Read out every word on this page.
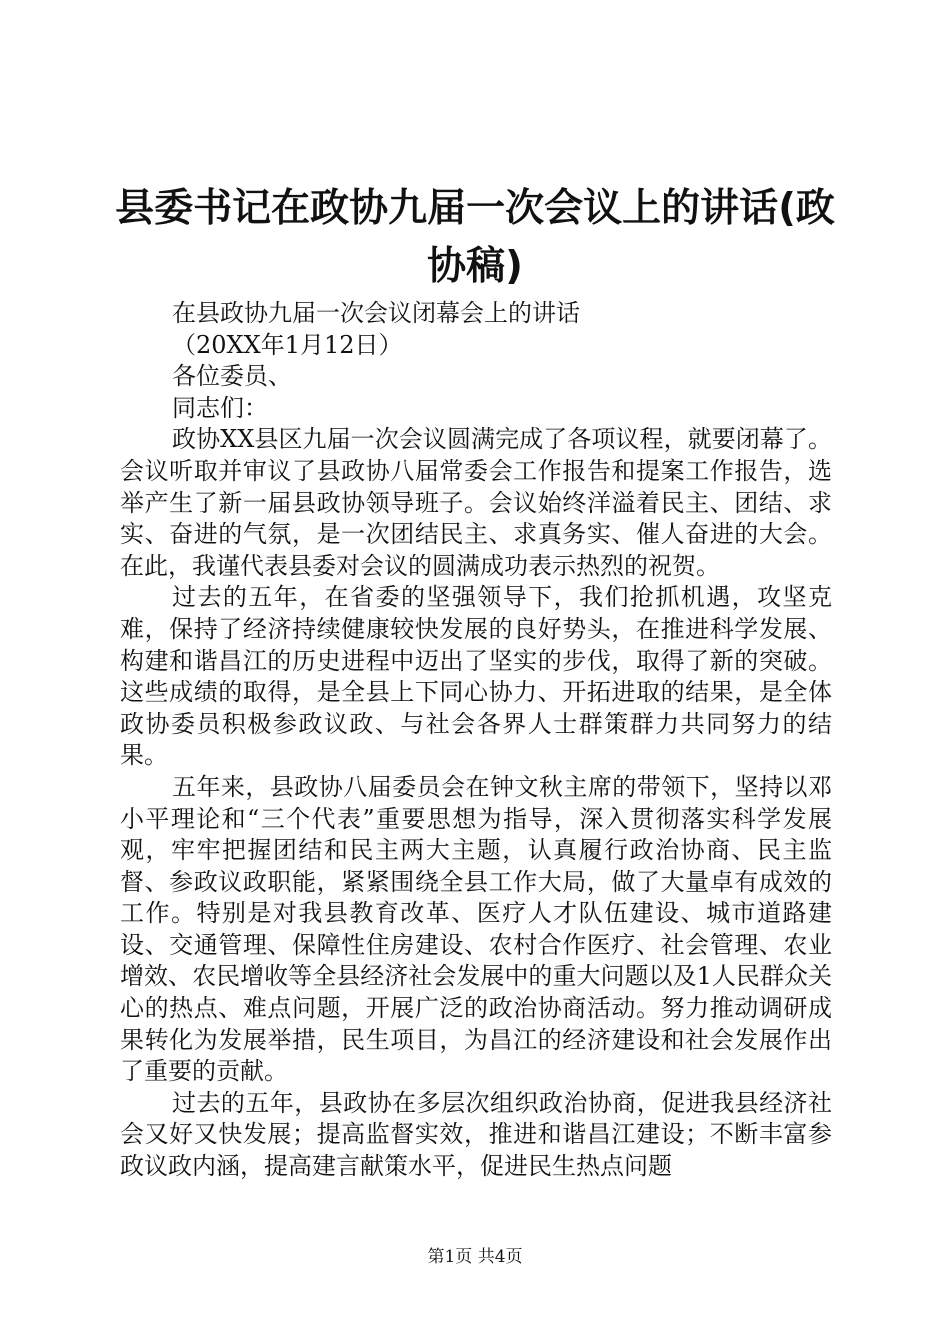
县委书记在政协九届一次会议上的讲话(政协稿)
在县政协九届一次会议闭幕会上的讲话
（20XX年1月12日）
各位委员、
同志们：

政协XX县区九届一次会议圆满完成了各项议程，就要闭幕了。会议听取并审议了县政协八届常委会工作报告和提案工作报告，选举产生了新一届县政协领导班子。会议始终洋溢着民主、团结、求实、奋进的气氛，是一次团结民主、求真务实、催人奋进的大会。在此，我谨代表县委对会议的圆满成功表示热烈的祝贺。

过去的五年，在省委的坚强领导下，我们抢抓机遇，攻坚克难，保持了经济持续健康较快发展的良好势头，在推进科学发展、构建和谐昌江的历史进程中迈出了坚实的步伐，取得了新的突破。这些成绩的取得，是全县上下同心协力、开拓进取的结果，是全体政协委员积极参政议政、与社会各界人士群策群力共同努力的结果。

五年来，县政协八届委员会在钟文秋主席的带领下，坚持以邓小平理论和“三个代表”重要思想为指导，深入贯彻落实科学发展观，牢牢把握团结和民主两大主题，认真履行政治协商、民主监督、参政议政职能，紧紧围绕全县工作大局，做了大量卓有成效的工作。特别是对我县教育改革、医疗人才队伍建设、城市道路建设、交通管理、保障性住房建设、农村合作医疗、社会管理、农业增效、农民增收等全县经济社会发展中的重大问题以及1人民群众关心的热点、难点问题，开展广泛的政治协商活动。努力推动调研成果转化为发展举措，民生项目，为昌江的经济建设和社会发展作出了重要的贡献。

过去的五年，县政协在多层次组织政治协商，促进我县经济社会又好又快发展；提高监督实效，推进和谐昌江建设；不断丰富参政议政内涵，提高建言献策水平，促进民生热点问题

第1页 共4页
